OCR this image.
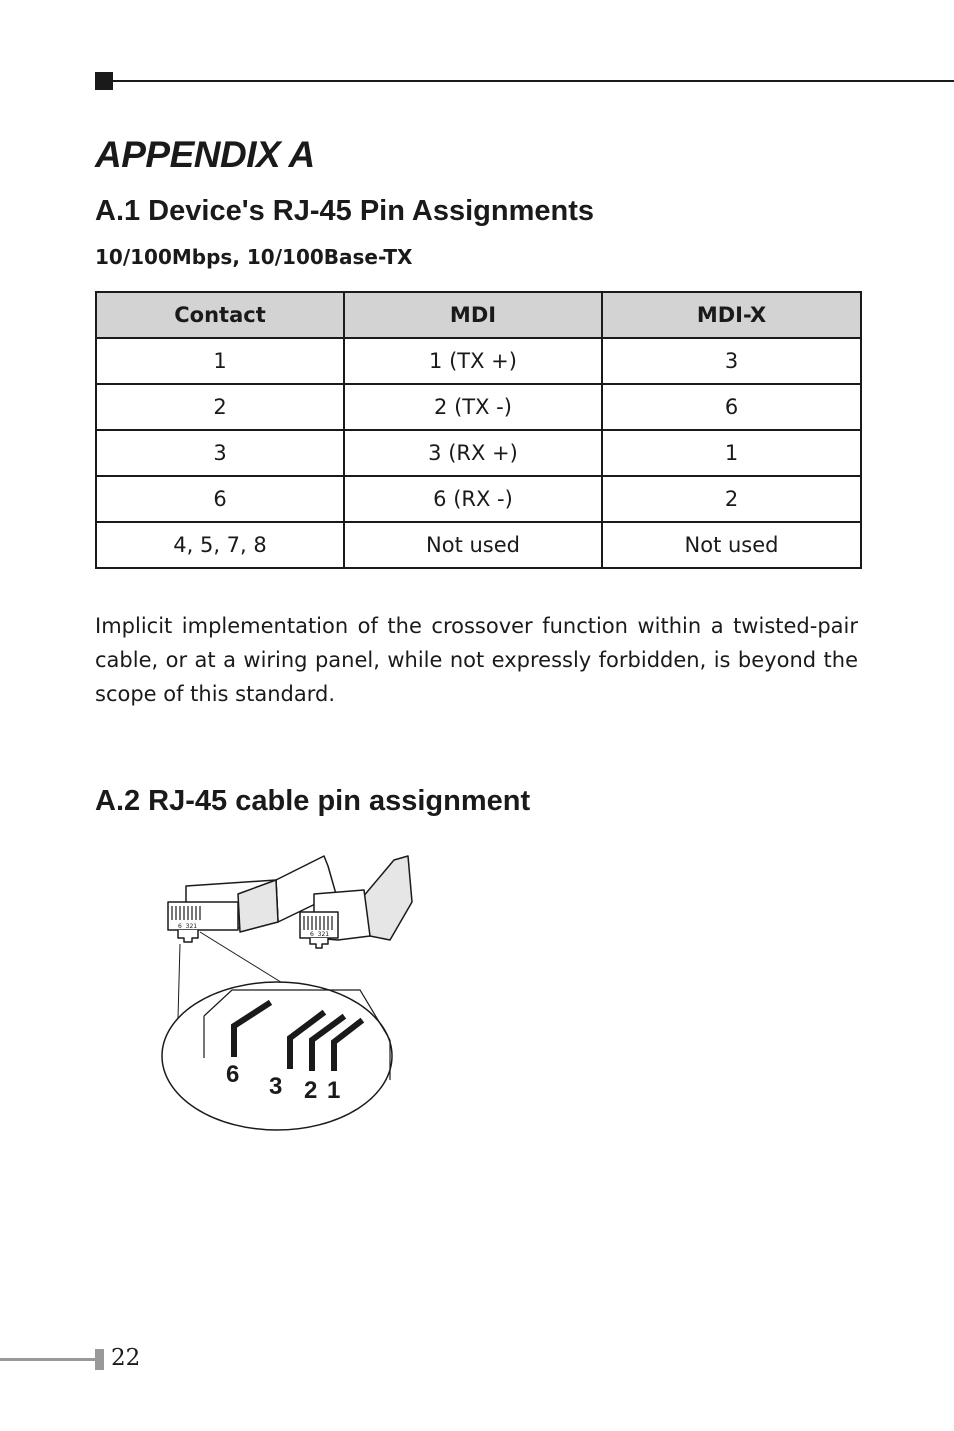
APPENDIX A
A.1 Device's RJ-45 Pin Assignments
10/100Mbps, 10/100Base-TX
Contact	MDI	MDI-X
1	1 (TX +)	3
2	2 (TX -)	6
3	3 (RX +)	1
6	6 (RX -)	2
4, 5, 7, 8	Not used	Not used

Implicit implementation of the crossover function within a twisted-pair cable, or at a wiring panel, while not expressly forbidden, is beyond the scope of this standard.

A.2 RJ-45 cable pin assignment
6  321
6  321
6 3 2 1
22
